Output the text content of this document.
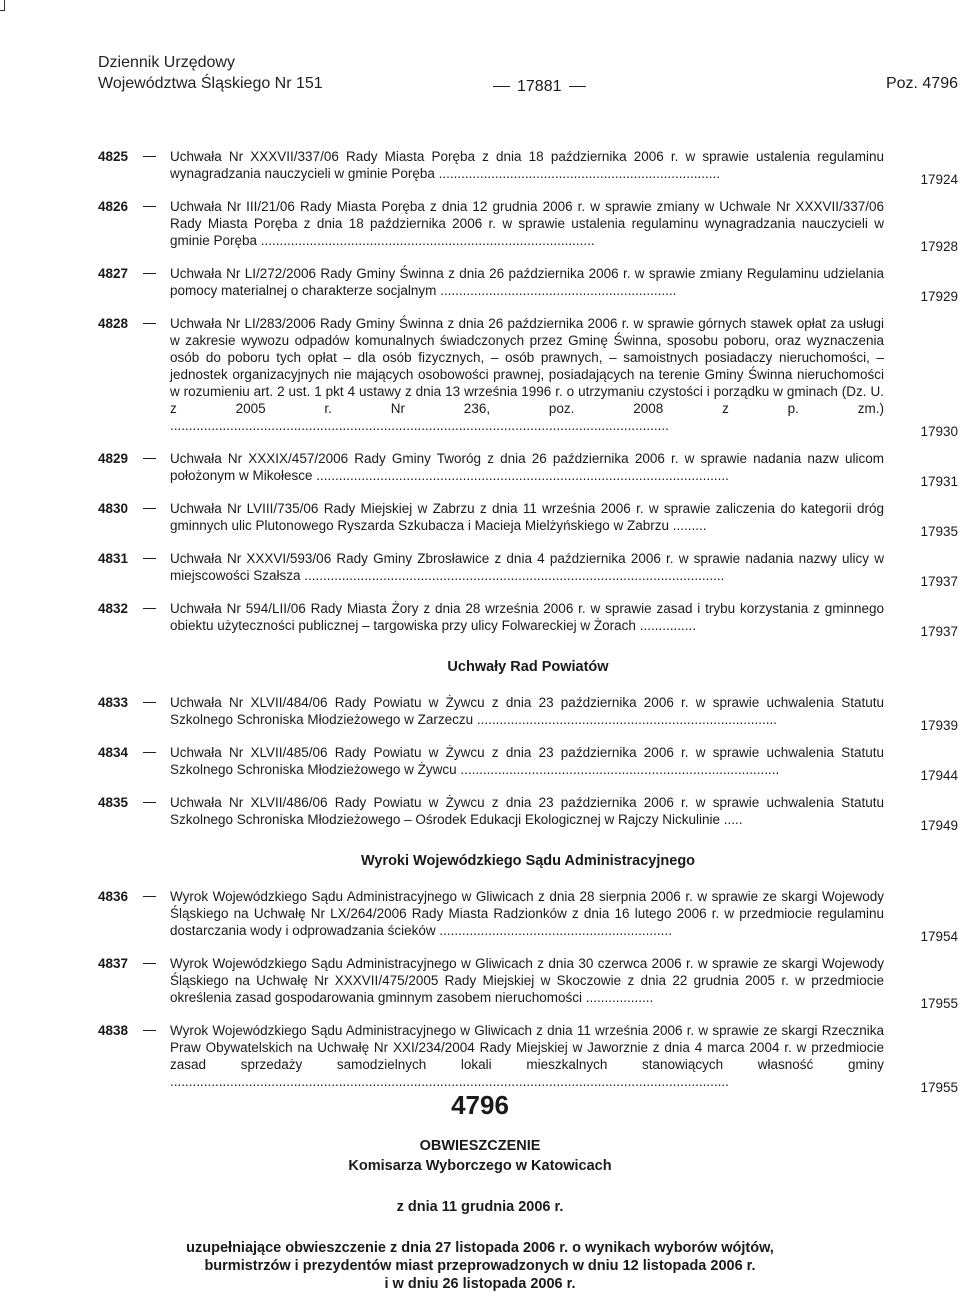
Dziennik Urzędowy
Województwa Śląskiego Nr 151	17881	Poz. 4796
4825	Uchwała Nr XXXVII/337/06 Rady Miasta Poręba z dnia 18 października 2006 r. w sprawie ustalenia regulaminu wynagradzania nauczycieli w gminie Poręba ...........................................................................	17924
4826	Uchwała Nr III/21/06 Rady Miasta Poręba z dnia 12 grudnia 2006 r. w sprawie zmiany w Uchwale Nr XXXVII/337/06 Rady Miasta Poręba z dnia 18 października 2006 r. w sprawie ustalenia regulaminu wynagradzania nauczycieli w gminie Poręba .........................................................................................	17928
4827	Uchwała Nr LI/272/2006 Rady Gminy Świnna z dnia 26 października 2006 r. w sprawie zmiany Regulaminu udzielania pomocy materialnej o charakterze socjalnym ...............................................................	17929
4828	Uchwała Nr LI/283/2006 Rady Gminy Świnna z dnia 26 października 2006 r. w sprawie górnych stawek opłat za usługi w zakresie wywozu odpadów komunalnych świadczonych przez Gminę Świnna, sposobu poboru, oraz wyznaczenia osób do poboru tych opłat – dla osób fizycznych, – osób prawnych, – samoistnych posiadaczy nieruchomości, – jednostek organizacyjnych nie mających osobowości prawnej, posiadających na terenie Gminy Świnna nieruchomości w rozumieniu art. 2 ust. 1 pkt 4 ustawy z dnia 13 września 1996 r. o utrzymaniu czystości i porządku w gminach (Dz. U. z 2005 r. Nr 236, poz. 2008 z p. zm.) .....................................................................................................................................	17930
4829	Uchwała Nr XXXIX/457/2006 Rady Gminy Tworóg z dnia 26 października 2006 r. w sprawie nadania nazw ulicom położonym w Mikołesce ..............................................................................................................	17931
4830	Uchwała Nr LVIII/735/06 Rady Miejskiej w Zabrzu z dnia 11 września 2006 r. w sprawie zaliczenia do kategorii dróg gminnych ulic Plutonowego Ryszarda Szkubacza i Macieja Mielżyńskiego w Zabrzu .........	17935
4831	Uchwała Nr XXXVI/593/06 Rady Gminy Zbrosławice z dnia 4 października 2006 r. w sprawie nadania nazwy ulicy w miejscowości Szałsza ................................................................................................................	17937
4832	Uchwała Nr 594/LII/06 Rady Miasta Żory z dnia 28 września 2006 r. w sprawie zasad i trybu korzystania z gminnego obiektu użyteczności publicznej – targowiska przy ulicy Folwareckiej w Żorach ...............	17937
Uchwały Rad Powiatów
4833	Uchwała Nr XLVII/484/06 Rady Powiatu w Żywcu z dnia 23 października 2006 r. w sprawie uchwalenia Statutu Szkolnego Schroniska Młodzieżowego w Zarzeczu ................................................................................	17939
4834	Uchwała Nr XLVII/485/06 Rady Powiatu w Żywcu z dnia 23 października 2006 r. w sprawie uchwalenia Statutu Szkolnego Schroniska Młodzieżowego w Żywcu .....................................................................................	17944
4835	Uchwała Nr XLVII/486/06 Rady Powiatu w Żywcu z dnia 23 października 2006 r. w sprawie uchwalenia Statutu Szkolnego Schroniska Młodzieżowego – Ośrodek Edukacji Ekologicznej w Rajczy Nickulinie .....	17949
Wyroki Wojewódzkiego Sądu Administracyjnego
4836	Wyrok Wojewódzkiego Sądu Administracyjnego w Gliwicach z dnia 28 sierpnia 2006 r. w sprawie ze skargi Wojewody Śląskiego na Uchwałę Nr LX/264/2006 Rady Miasta Radzionków z dnia 16 lutego 2006 r. w przedmiocie regulaminu dostarczania wody i odprowadzania ścieków ..............................................................	17954
4837	Wyrok Wojewódzkiego Sądu Administracyjnego w Gliwicach z dnia 30 czerwca 2006 r. w sprawie ze skargi Wojewody Śląskiego na Uchwałę Nr XXXVII/475/2005 Rady Miejskiej w Skoczowie z dnia 22 grudnia 2005 r. w przedmiocie określenia zasad gospodarowania gminnym zasobem nieruchomości ..................	17955
4838	Wyrok Wojewódzkiego Sądu Administracyjnego w Gliwicach z dnia 11 września 2006 r. w sprawie ze skargi Rzecznika Praw Obywatelskich na Uchwałę Nr XXI/234/2004 Rady Miejskiej w Jaworznie z dnia 4 marca 2004 r. w przedmiocie zasad sprzedaży samodzielnych lokali mieszkalnych stanowiących własność gminy .....................................................................................................................................................	17955
4796
OBWIESZCZENIE
Komisarza Wyborczego w Katowicach
z dnia 11 grudnia 2006 r.
uzupełniające obwieszczenie z dnia 27 listopada 2006 r. o wynikach wyborów wójtów,
burmistrzów i prezydentów miast przeprowadzonych w dniu 12 listopada 2006 r.
i w dniu 26 listopada 2006 r.
